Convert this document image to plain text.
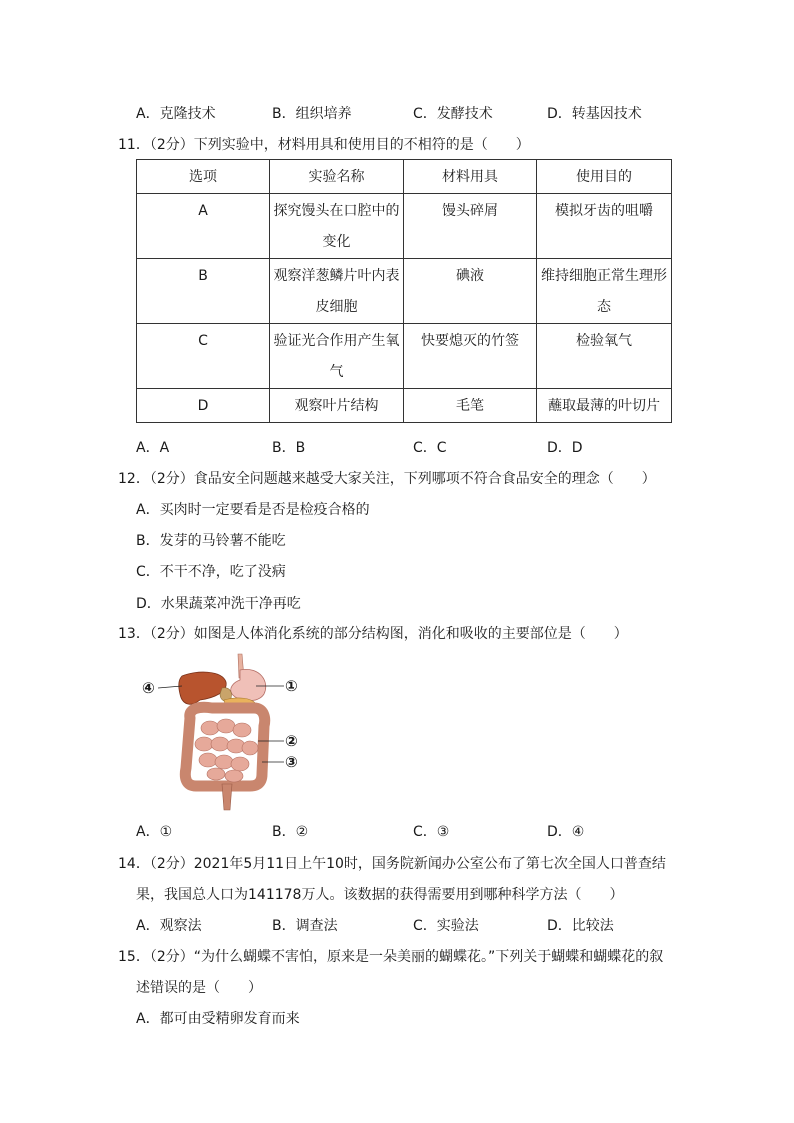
A．克隆技术	B．组织培养	C．发酵技术	D．转基因技术
11．（2分）下列实验中，材料用具和使用目的不相符的是（　　）
选项	实验名称	材料用具	使用目的
A	探究馒头在口腔中的变化	馒头碎屑	模拟牙齿的咀嚼
B	观察洋葱鳞片叶内表皮细胞	碘液	维持细胞正常生理形态
C	验证光合作用产生氧气	快要熄灭的竹签	检验氧气
D	观察叶片结构	毛笔	蘸取最薄的叶切片
A．A	B．B	C．C	D．D
12．（2分）食品安全问题越来越受大家关注，下列哪项不符合食品安全的理念（　　）
A．买肉时一定要看是否是检疫合格的
B．发芽的马铃薯不能吃
C．不干不净，吃了没病
D．水果蔬菜冲洗干净再吃
13．（2分）如图是人体消化系统的部分结构图，消化和吸收的主要部位是（　　）
④	①
②
③
A．①	B．②	C．③	D．④
14．（2分）2021年5月11日上午10时，国务院新闻办公室公布了第七次全国人口普查结
果，我国总人口为141178万人。该数据的获得需要用到哪种科学方法（　　）
A．观察法	B．调查法	C．实验法	D．比较法
15．（2分）“为什么蝴蝶不害怕，原来是一朵美丽的蝴蝶花。”下列关于蝴蝶和蝴蝶花的叙
述错误的是（　　）
A．都可由受精卵发育而来
